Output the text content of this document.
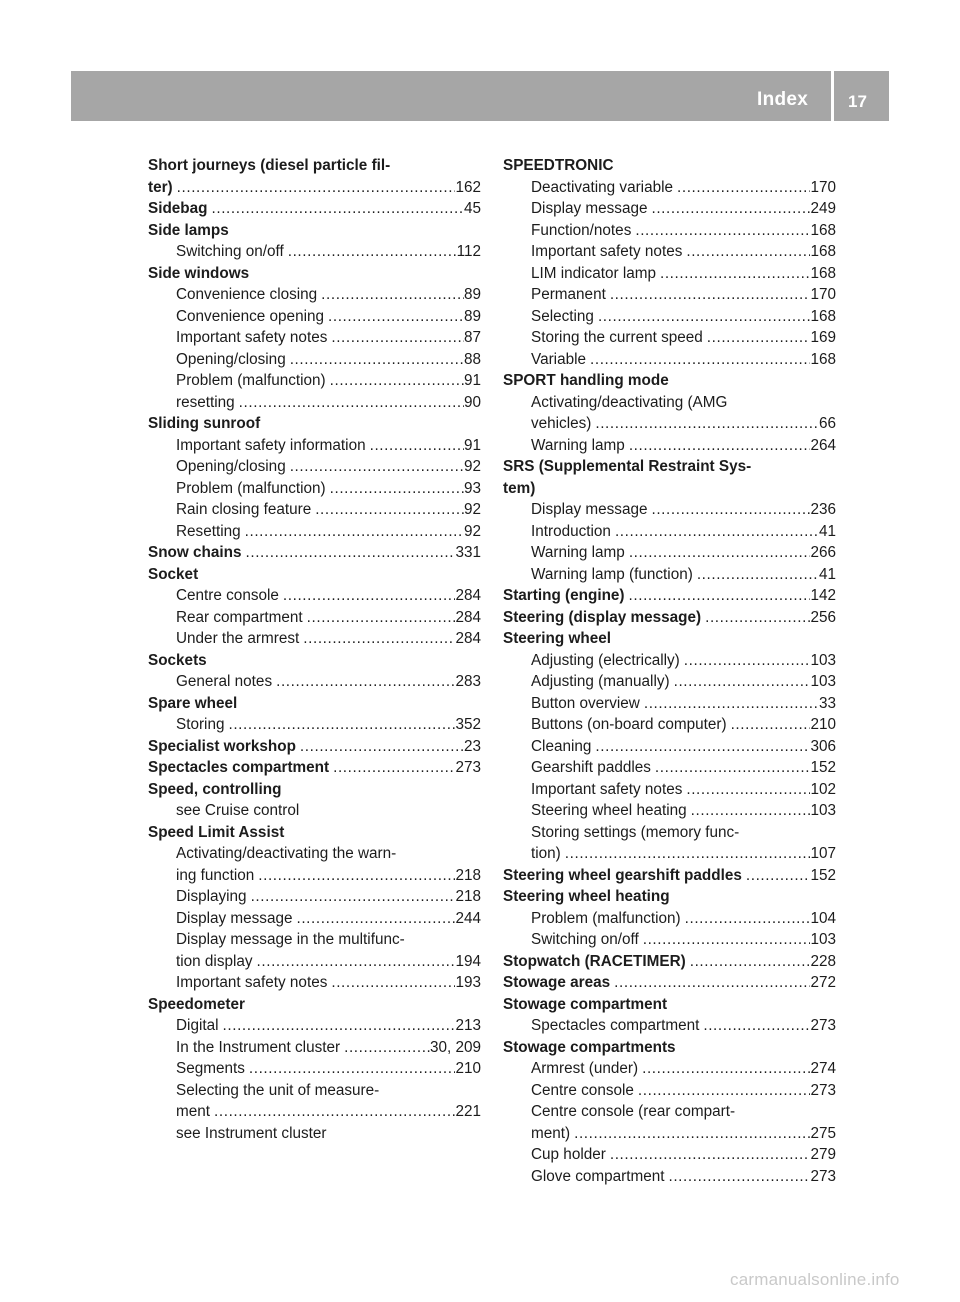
Index 17
Short journeys (diesel particle fil-
ter) .....	162
Sidebag .....	45
Side lamps
Switching on/off .....	112
Side windows
Convenience closing .....	89
Convenience opening .....	89
Important safety notes .....	87
Opening/closing .....	88
Problem (malfunction) .....	91
resetting .....	90
Sliding sunroof
Important safety information .....	91
Opening/closing .....	92
Problem (malfunction) .....	93
Rain closing feature .....	92
Resetting .....	92
Snow chains .....	331
Socket
Centre console .....	284
Rear compartment .....	284
Under the armrest .....	284
Sockets
General notes .....	283
Spare wheel
Storing .....	352
Specialist workshop .....	23
Spectacles compartment .....	273
Speed, controlling
see Cruise control
Speed Limit Assist
Activating/deactivating the warn-
ing function .....	218
Displaying .....	218
Display message .....	244
Display message in the multifunc-
tion display .....	194
Important safety notes .....	193
Speedometer
Digital .....	213
In the Instrument cluster .....	30, 209
Segments .....	210
Selecting the unit of measure-
ment .....	221
see Instrument cluster
SPEEDTRONIC
Deactivating variable .....	170
Display message .....	249
Function/notes .....	168
Important safety notes .....	168
LIM indicator lamp .....	168
Permanent .....	170
Selecting .....	168
Storing the current speed .....	169
Variable .....	168
SPORT handling mode
Activating/deactivating (AMG
vehicles) .....	66
Warning lamp .....	264
SRS (Supplemental Restraint Sys-
tem)
Display message .....	236
Introduction .....	41
Warning lamp .....	266
Warning lamp (function) .....	41
Starting (engine) .....	142
Steering (display message) .....	256
Steering wheel
Adjusting (electrically) .....	103
Adjusting (manually) .....	103
Button overview .....	33
Buttons (on-board computer) .....	210
Cleaning .....	306
Gearshift paddles .....	152
Important safety notes .....	102
Steering wheel heating .....	103
Storing settings (memory func-
tion) .....	107
Steering wheel gearshift paddles .....	152
Steering wheel heating
Problem (malfunction) .....	104
Switching on/off .....	103
Stopwatch (RACETIMER) .....	228
Stowage areas .....	272
Stowage compartment
Spectacles compartment .....	273
Stowage compartments
Armrest (under) .....	274
Centre console .....	273
Centre console (rear compart-
ment) .....	275
Cup holder .....	279
Glove compartment .....	273
carmanualsonline.info
